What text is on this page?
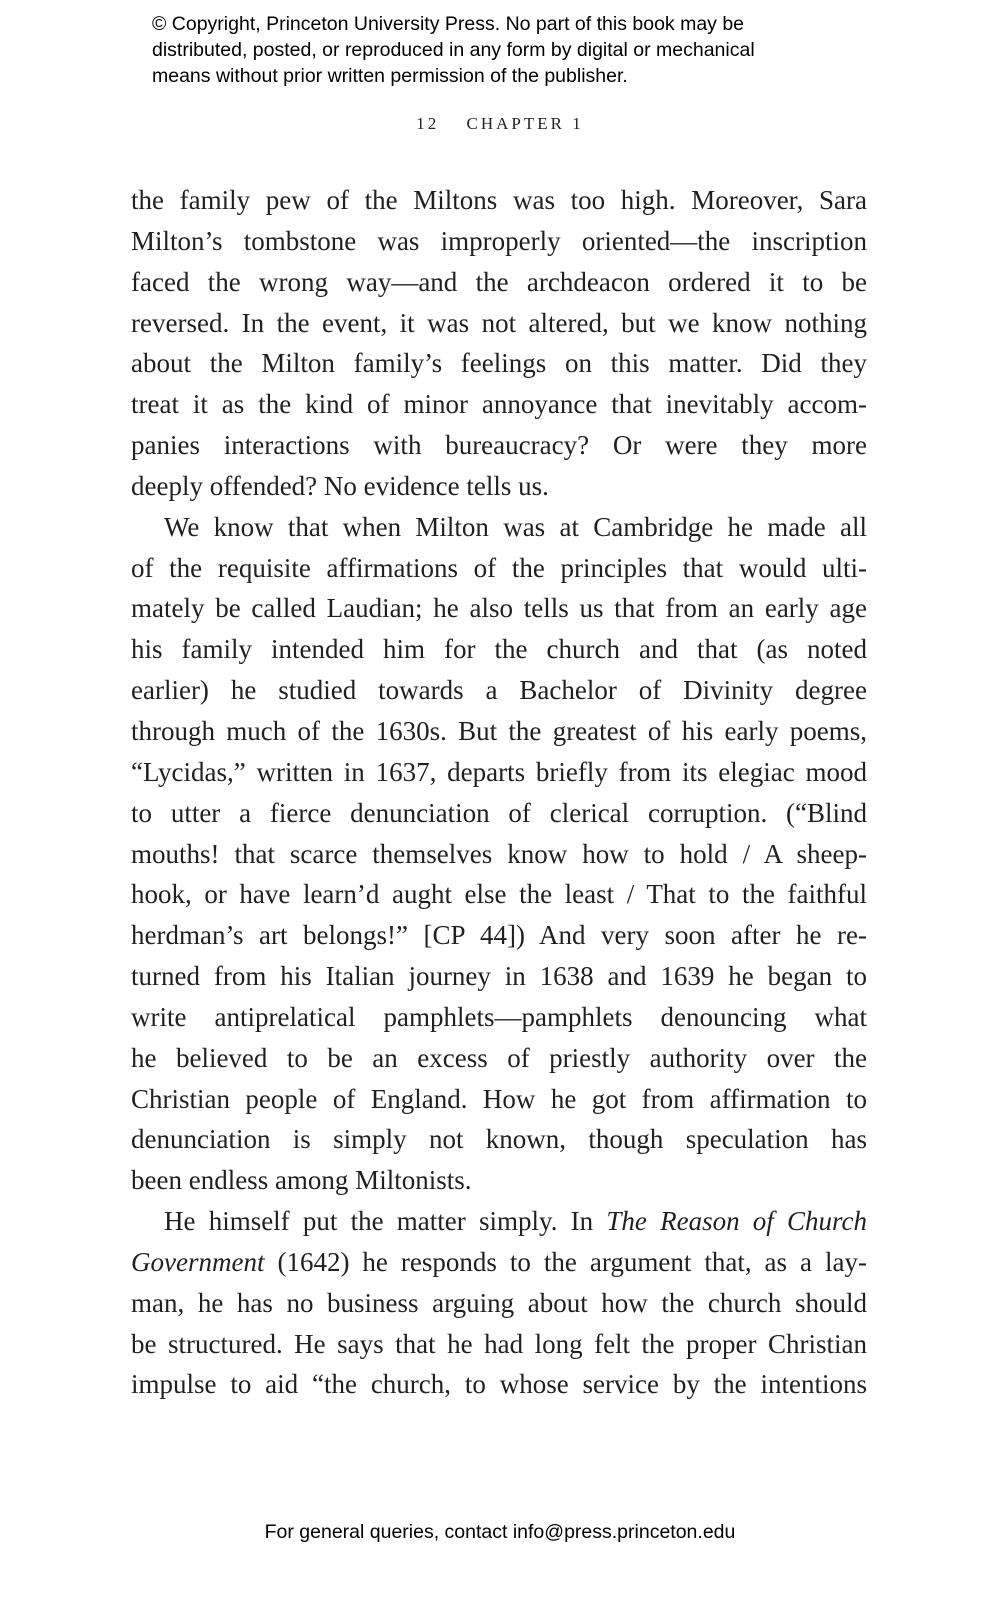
© Copyright, Princeton University Press. No part of this book may be
distributed, posted, or reproduced in any form by digital or mechanical
means without prior written permission of the publisher.
12 CHAPTER 1
the family pew of the Miltons was too high. Moreover, Sara
Milton’s tombstone was improperly oriented—the inscription
faced the wrong way—and the archdeacon ordered it to be
reversed. In the event, it was not altered, but we know nothing
about the Milton family’s feelings on this matter. Did they
treat it as the kind of minor annoyance that inevitably accom-
panies interactions with bureaucracy? Or were they more
deeply offended? No evidence tells us.
We know that when Milton was at Cambridge he made all
of the requisite affirmations of the principles that would ulti-
mately be called Laudian; he also tells us that from an early age
his family intended him for the church and that (as noted
earlier) he studied towards a Bachelor of Divinity degree
through much of the 1630s. But the greatest of his early poems,
“Lycidas,” written in 1637, departs briefly from its elegiac mood
to utter a fierce denunciation of clerical corruption. (“Blind
mouths! that scarce themselves know how to hold / A sheep-
hook, or have learn’d aught else the least / That to the faithful
herdman’s art belongs!” [CP 44]) And very soon after he re-
turned from his Italian journey in 1638 and 1639 he began to
write antiprelatical pamphlets—pamphlets denouncing what
he believed to be an excess of priestly authority over the
Christian people of England. How he got from affirmation to
denunciation is simply not known, though speculation has
been endless among Miltonists.
He himself put the matter simply. In The Reason of Church
Government (1642) he responds to the argument that, as a lay-
man, he has no business arguing about how the church should
be structured. He says that he had long felt the proper Christian
impulse to aid “the church, to whose service by the intentions
For general queries, contact info@press.princeton.edu
